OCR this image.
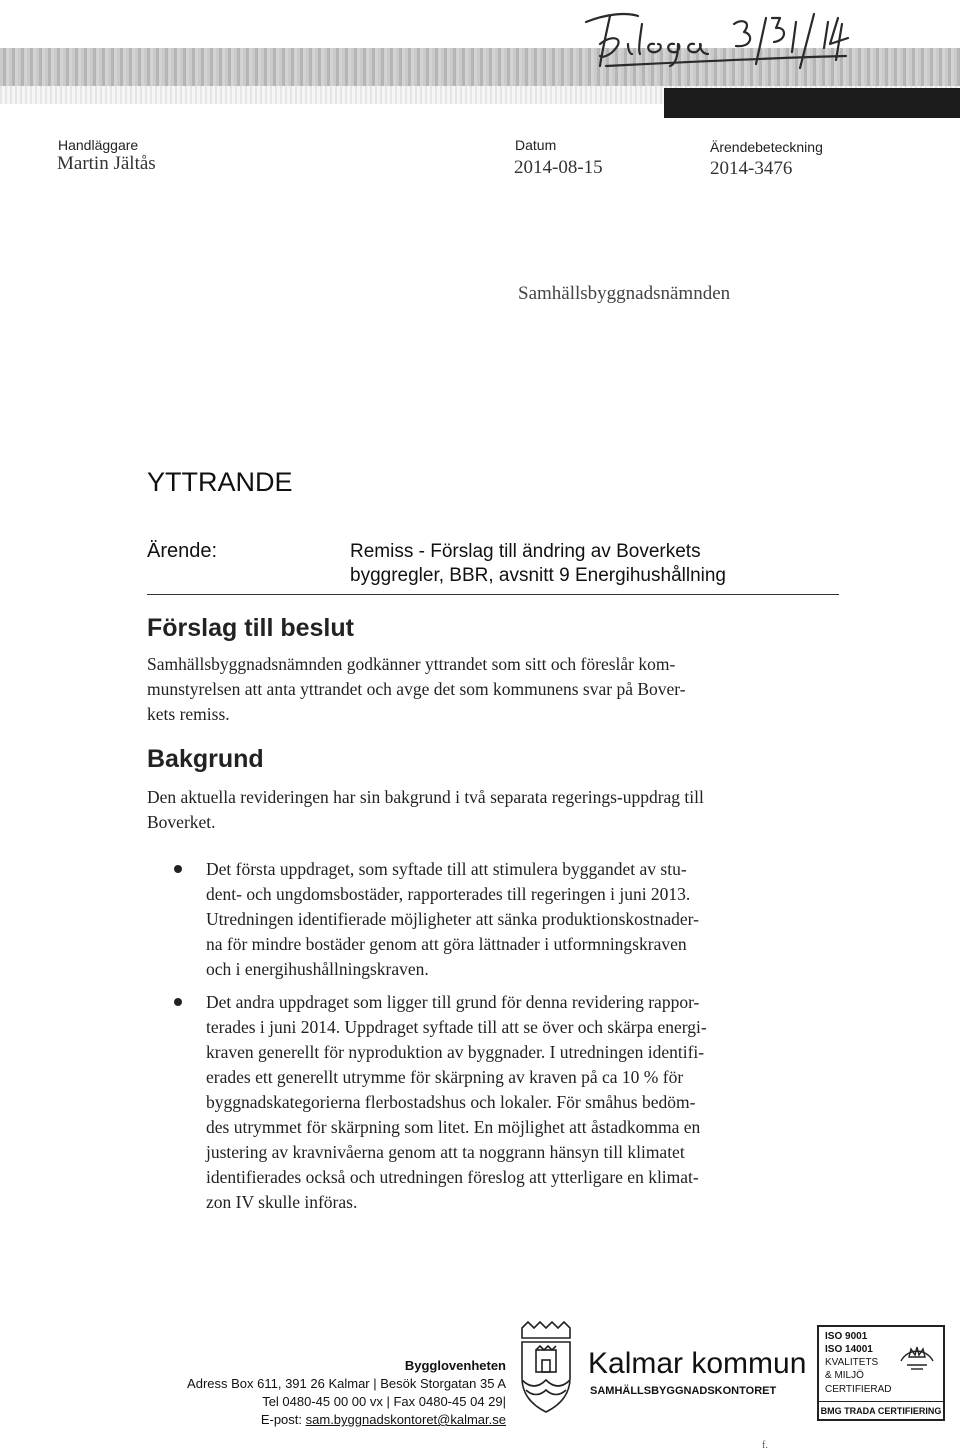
Handläggare
Martin Jältås
Datum
2014-08-15
Ärendebeteckning
2014-3476
Samhällsbyggnadsnämnden
YTTRANDE
Ärende:	Remiss - Förslag till ändring av Boverkets
byggregler, BBR, avsnitt 9 Energihushållning
Förslag till beslut
Samhällsbyggnadsnämnden godkänner yttrandet som sitt och föreslår kom-
munstyrelsen att anta yttrandet och avge det som kommunens svar på Bover-
kets remiss.
Bakgrund
Den aktuella revideringen har sin bakgrund i två separata regerings-uppdrag till
Boverket.
Det första uppdraget, som syftade till att stimulera byggandet av stu-
dent- och ungdomsbostäder, rapporterades till regeringen i juni 2013.
Utredningen identifierade möjligheter att sänka produktionskostnader-
na för mindre bostäder genom att göra lättnader i utformningskraven
och i energihushållningskraven.
Det andra uppdraget som ligger till grund för denna revidering rappor-
terades i juni 2014. Uppdraget syftade till att se över och skärpa energi-
kraven generellt för nyproduktion av byggnader. I utredningen identifi-
erades ett generellt utrymme för skärpning av kraven på ca 10 % för
byggnadskategorierna flerbostadshus och lokaler. För småhus bedöm-
des utrymmet för skärpning som litet. En möjlighet att åstadkomma en
justering av kravnivåerna genom att ta noggrann hänsyn till klimatet
identifierades också och utredningen föreslog att ytterligare en klimat-
zon IV skulle införas.
Bygglovenheten
Adress Box 611, 391 26 Kalmar | Besök Storgatan 35 A
Tel 0480-45 00 00 vx | Fax 0480-45 04 29|
E-post: sam.byggnadskontoret@kalmar.se
Kalmar kommun
SAMHÄLLSBYGGNADSKONTORET
ISO 9001
ISO 14001
KVALITETS
& MILJÖ
CERTIFIERAD
BMG TRADA CERTIFIERING
f.
